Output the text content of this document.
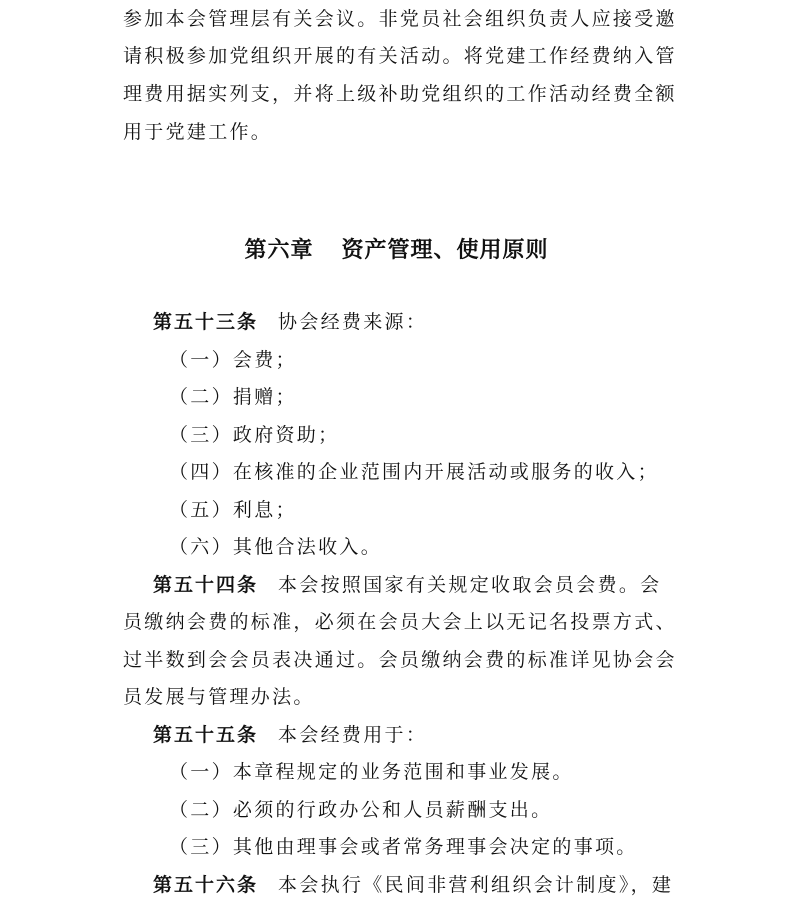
参加本会管理层有关会议。非党员社会组织负责人应接受邀
请积极参加党组织开展的有关活动。将党建工作经费纳入管
理费用据实列支，并将上级补助党组织的工作活动经费全额
用于党建工作。
第六章 资产管理、使用原则
第五十三条 协会经费来源：
（一）会费；
（二）捐赠；
（三）政府资助；
（四）在核准的企业范围内开展活动或服务的收入；
（五）利息；
（六）其他合法收入。
第五十四条 本会按照国家有关规定收取会员会费。会
员缴纳会费的标准，必须在会员大会上以无记名投票方式、
过半数到会会员表决通过。会员缴纳会费的标准详见协会会
员发展与管理办法。
第五十五条 本会经费用于：
（一）本章程规定的业务范围和事业发展。
（二）必须的行政办公和人员薪酬支出。
（三）其他由理事会或者常务理事会决定的事项。
第五十六条 本会执行《民间非营利组织会计制度》，建
